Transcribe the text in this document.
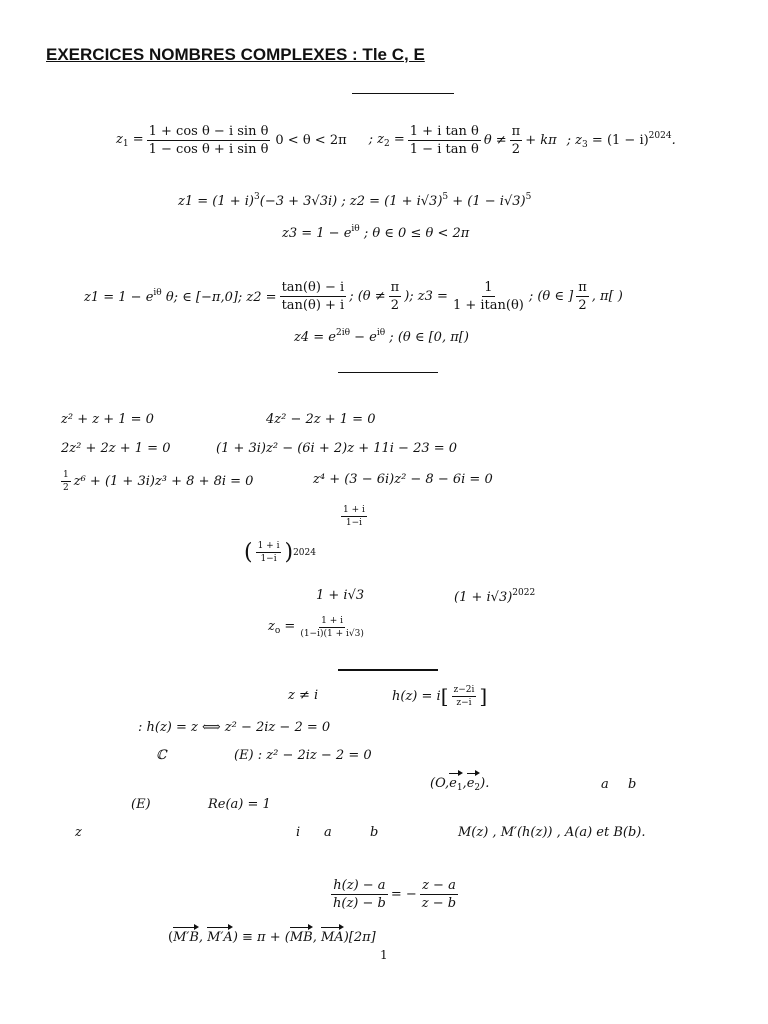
EXERCICES NOMBRES COMPLEXES : Tle C, E
$z_1 = \frac{\text{1 + cos θ − i sin θ}}{\text{1 − cos θ + i sin θ}} 0 < \theta < 2\pi$ ; $z_2 = \frac{\text{1 + i tan θ}}{\text{1 − i tan θ}}$ $\theta \ne \frac{\pi}{2} + k\pi$ ; $z_3 = (1 - i)^{2024}$.
$z1 = (1 + i)^3(-3 + 3√3i)$ ; $z2 = (1 + i√3)^5 + (1 - i√3)^5$
$z3 = 1 - e^{i\theta}$ ; θ ∈ 0 ≤ θ < 2π
$z1 = 1 - e^{i\theta}$ θ; ∈ [−π,0]; $z2 = \frac{\tan(\theta) - i}{\tan(\theta) + i}$ ; ($\theta \ne \frac{\pi}{2}$ ); $z3 = \frac{1}{1 + itan(\theta)}$ ; (θ ∈ ] $\frac{\pi}{2}$ , π[ )
$z4 = e^{2i\theta} - e^{i\theta}$ ; (θ ∈ [0, π[)
z² + z + 1 = 0	4z² − 2z + 1 = 0
2z² + 2z + 1 = 0	(1 + 3i)z² − (6i + 2)z + 11i − 23 = 0
$\frac{1}{2} z^6 + (1 + 3i)z^3 + 8 + 8i = 0$	z⁴ + (3 − 6i)z² − 8 − 6i = 0
$\frac{1 + i}{1-i}$
( $\frac{1 + i}{1-i}$ ) 2024
1 + i√3	$(1 + i√3)^{2022}$
$z_o = \frac{1 + i}{(1-i)(1 + i√3)}$
z ≠ i	h(z) = i [ $\frac{z-2i}{z-i}$ ]
: h(z) = z ⟺ z² − 2iz − 2 = 0
ℂ	(E) : z² − 2iz − 2 = 0
$(O,e_1,e_2)$.	a b
(E)	Re(a) = 1
z	i a	b	M(z) , M′(h(z)) , A(a) et B(b).
$\frac{h(z) - a}{h(z) - b}$ = − $\frac{z - a}{z - b}$
(M′B, M′A) ≡ π + (MB, MA)[2π]
1
